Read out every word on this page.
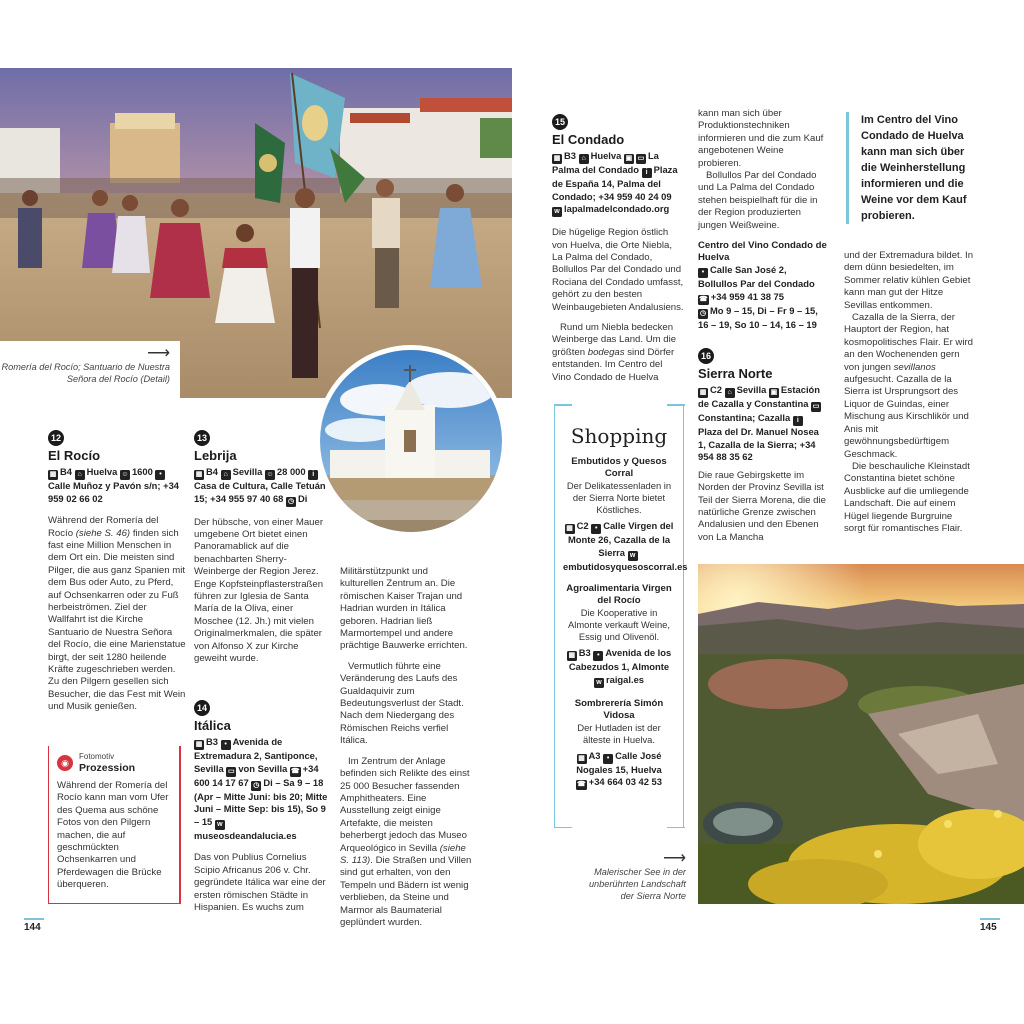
⟶
Romería del Rocío; Santuario de Nuestra Señora del Rocío (Detail)
12
El Rocío
▦ B4 ⌂ Huelva ☺ 1600 •Calle Muñoz y Pavón s/n; +34 959 02 66 02

Während der Romería del Rocío (siehe S. 46) finden sich fast eine Million Menschen in dem Ort ein. Die meisten sind Pilger, die aus ganz Spanien mit dem Bus oder Auto, zu Pferd, auf Ochsenkarren oder zu Fuß herbeiströmen. Ziel der Wallfahrt ist die Kirche Santuario de Nuestra Señora del Rocío, die eine Marienstatue birgt, der seit 1280 heilende Kräfte zugeschrieben werden. Zu den Pilgern gesellen sich Besucher, die das Fest mit Wein und Musik genießen.

◉
Fotomotiv
Prozession
Während der Romería del Rocío kann man vom Ufer des Quema aus schöne Fotos von den Pilgern machen, die auf geschmückten Ochsenkarren und Pferdewagen die Brücke überqueren.
13
Lebrija
▦ B4 ⌂ Sevilla ☺ 28 000 iCasa de Cultura, Calle Tetuán 15; +34 955 97 40 68 ◷ Di

Der hübsche, von einer Mauer umgebene Ort bietet einen Panoramablick auf die benachbarten Sherry-Weinberge der Region Jerez. Enge Kopfsteinpflasterstraßen führen zur Iglesia de Santa María de la Oliva, einer Moschee (12. Jh.) mit vielen Originalmerkmalen, die später von Alfonso X zur Kirche geweiht wurde.

14
Itálica
▦ B3 • Avenida de Extremadura 2, Santiponce, Sevilla ▭ von Sevilla ☎ +34 600 14 17 67 ◷ Di – Sa 9 – 18 (Apr – Mitte Juni: bis 20; Mitte Juni – Mitte Sep: bis 15), So 9 – 15 wmuseosdeandalucia.es
Das von Publius Cornelius Scipio Africanus 206 v. Chr. gegründete Itálica war eine der ersten römischen Städte in Hispanien. Es wuchs zum

Militärstützpunkt und kulturellen Zentrum an. Die römischen Kaiser Trajan und Hadrian wurden in Itálica geboren. Hadrian ließ Marmortempel und andere prächtige Bauwerke errichten.

Vermutlich führte eine Veränderung des Laufs des Gualdaquivir zum Bedeutungsverlust der Stadt. Nach dem Niedergang des Römischen Reichs verfiel Itálica.

Im Zentrum der Anlage befinden sich Relikte des einst 25 000 Besucher fassenden Amphitheaters. Eine Ausstellung zeigt einige Artefakte, die meisten beherbergt jedoch das Museo Arqueológico in Sevilla (siehe S. 113). Die Straßen und Villen sind gut erhalten, von den Tempeln und Bädern ist wenig verblieben, da Steine und Marmor als Baumaterial geplündert wurden.

144
15
El Condado
▦ B3 ⌂ Huelva ▣ ▭ La Palma del Condado i Plaza de España 14, Palma del Condado; +34 959 40 24 09 w lapalmadelcondado.org

Die hügelige Region östlich von Huelva, die Orte Niebla, La Palma del Condado, Bollullos Par del Condado und Rociana del Condado umfasst, gehört zu den besten Weinbaugebieten Andalusiens.

Rund um Niebla bedecken Weinberge das Land. Um die größten bodegas sind Dörfer entstanden. Im Centro del Vino Condado de Huelva

kann man sich über Produktionstechniken informieren und die zum Kauf angebotenen Weine probieren.

Bollullos Par del Condado und La Palma del Condado stehen beispielhaft für die in der Region produzierten jungen Weißweine.

Centro del Vino Condado de Huelva
• Calle San José 2, Bollullos Par del Condado
☎ +34 959 41 38 75
◷ Mo 9 – 15, Di – Fr 9 – 15, 16 – 19, So 10 – 14, 16 – 19
16
Sierra Norte
▦ C2 ⌂ Sevilla ▣ Estación de Cazalla y Constantina ▭Constantina; Cazalla iPlaza del Dr. Manuel Nosea 1, Cazalla de la Sierra; +34 954 88 35 62
Die raue Gebirgskette im Norden der Provinz Sevilla ist Teil der Sierra Morena, die die natürliche Grenze zwischen Andalusien und den Ebenen von La Mancha
Im Centro del Vino Condado de Huelva kann man sich über die Weinherstellung informieren und die Weine vor dem Kauf probieren.

und der Extremadura bildet. In dem dünn besiedelten, im Sommer relativ kühlen Gebiet kann man gut der Hitze Sevillas entkommen.

Cazalla de la Sierra, der Hauptort der Region, hat kosmopolitisches Flair. Er wird an den Wochenenden gern von jungen sevillanos aufgesucht. Cazalla de la Sierra ist Ursprungsort des Liquor de Guindas, einer Mischung aus Kirschlikör und Anis mit gewöhnungsbedürftigem Geschmack.

Die beschauliche Kleinstadt Constantina bietet schöne Ausblicke auf die umliegende Landschaft. Die auf einem Hügel liegende Burgruine sorgt für romantisches Flair.

Shopping
Embutidos y Quesos Corral
Der Delikatessenladen in der Sierra Norte bietet Köstliches.
▦ C2 • Calle Virgen del Monte 26, Cazalla de la Sierra wembutidosyquesoscorral.es
Agroalimentaria Virgen del Rocío
Die Kooperative in Almonte verkauft Weine, Essig und Olivenöl.
▦ B3 • Avenida de los Cabezudos 1, Almonte w raigal.es
Sombrerería Simón Vidosa
Der Hutladen ist der älteste in Huelva.
▦ A3 • Calle José Nogales 15, Huelva
☎ +34 664 03 42 53
⟶
Malerischer See in der unberührten Landschaft der Sierra Norte
145
